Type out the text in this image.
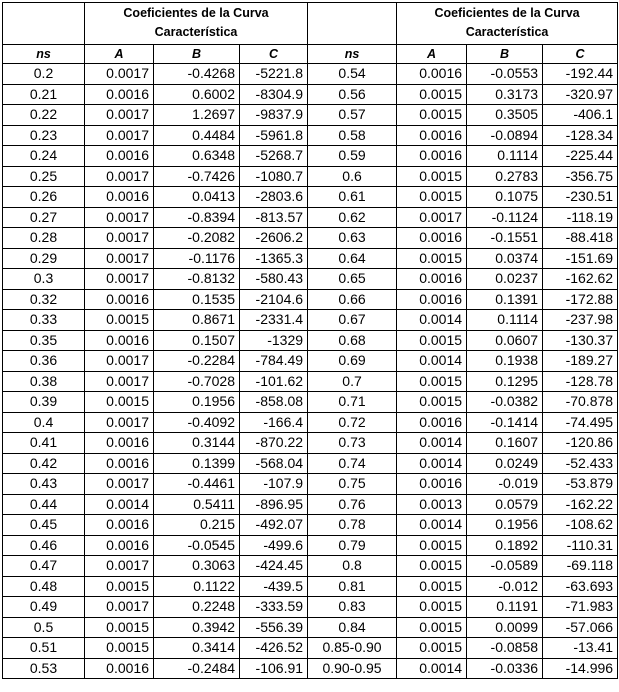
	Coeficientes de la Curva Característica				Coeficientes de la Curva Característica		
ns	A	B	C	ns	A	B	C
0.2	0.0017	-0.4268	-5221.8	0.54	0.0016	-0.0553	-192.44
0.21	0.0016	0.6002	-8304.9	0.56	0.0015	0.3173	-320.97
0.22	0.0017	1.2697	-9837.9	0.57	0.0015	0.3505	-406.1
0.23	0.0017	0.4484	-5961.8	0.58	0.0016	-0.0894	-128.34
0.24	0.0016	0.6348	-5268.7	0.59	0.0016	0.1114	-225.44
0.25	0.0017	-0.7426	-1080.7	0.6	0.0015	0.2783	-356.75
0.26	0.0016	0.0413	-2803.6	0.61	0.0015	0.1075	-230.51
0.27	0.0017	-0.8394	-813.57	0.62	0.0017	-0.1124	-118.19
0.28	0.0017	-0.2082	-2606.2	0.63	0.0016	-0.1551	-88.418
0.29	0.0017	-0.1176	-1365.3	0.64	0.0015	0.0374	-151.69
0.3	0.0017	-0.8132	-580.43	0.65	0.0016	0.0237	-162.62
0.32	0.0016	0.1535	-2104.6	0.66	0.0016	0.1391	-172.88
0.33	0.0015	0.8671	-2331.4	0.67	0.0014	0.1114	-237.98
0.35	0.0016	0.1507	-1329	0.68	0.0015	0.0607	-130.37
0.36	0.0017	-0.2284	-784.49	0.69	0.0014	0.1938	-189.27
0.38	0.0017	-0.7028	-101.62	0.7	0.0015	0.1295	-128.78
0.39	0.0015	0.1956	-858.08	0.71	0.0015	-0.0382	-70.878
0.4	0.0017	-0.4092	-166.4	0.72	0.0016	-0.1414	-74.495
0.41	0.0016	0.3144	-870.22	0.73	0.0014	0.1607	-120.86
0.42	0.0016	0.1399	-568.04	0.74	0.0014	0.0249	-52.433
0.43	0.0017	-0.4461	-107.9	0.75	0.0016	-0.019	-53.879
0.44	0.0014	0.5411	-896.95	0.76	0.0013	0.0579	-162.22
0.45	0.0016	0.215	-492.07	0.78	0.0014	0.1956	-108.62
0.46	0.0016	-0.0545	-499.6	0.79	0.0015	0.1892	-110.31
0.47	0.0017	0.3063	-424.45	0.8	0.0015	-0.0589	-69.118
0.48	0.0015	0.1122	-439.5	0.81	0.0015	-0.012	-63.693
0.49	0.0017	0.2248	-333.59	0.83	0.0015	0.1191	-71.983
0.5	0.0015	0.3942	-556.39	0.84	0.0015	0.0099	-57.066
0.51	0.0015	0.3414	-426.52	0.85-0.90	0.0015	-0.0858	-13.41
0.53	0.0016	-0.2484	-106.91	0.90-0.95	0.0014	-0.0336	-14.996
